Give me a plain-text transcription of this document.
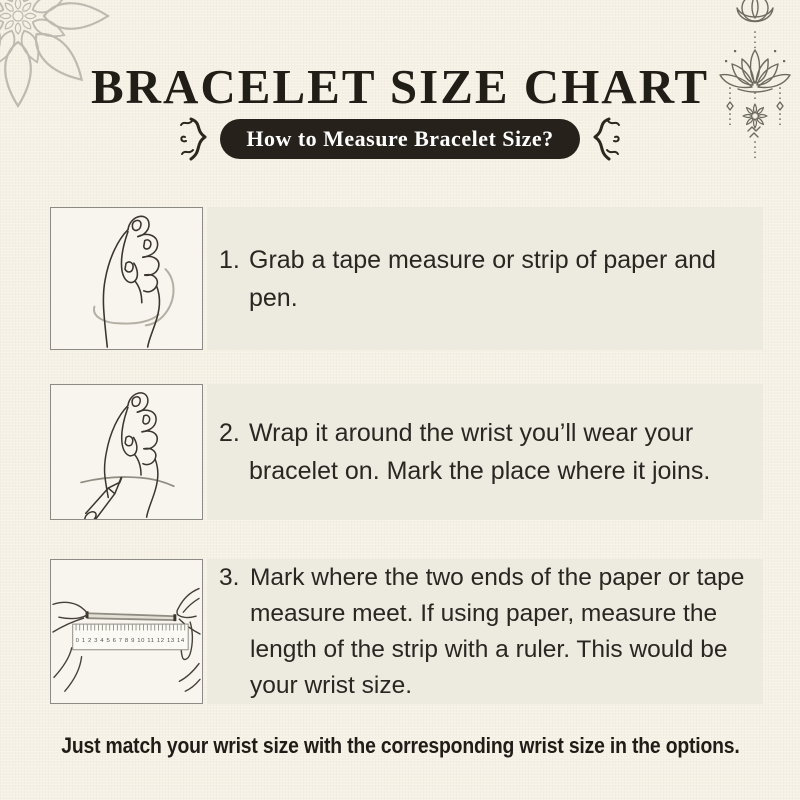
BRACELET SIZE CHART
How to Measure Bracelet Size?
1. Grab a tape measure or strip of paper and pen.
2. Wrap it around the wrist you’ll wear your bracelet on. Mark the place where it joins.
0 1 2 3 4 5 6 7 8 9 10 11 12 13 14
3. Mark where the two ends of the paper or tape measure meet. If using paper, measure the length of the strip with a ruler. This would be your wrist size.
Just match your wrist size with the corresponding wrist size in the options.
